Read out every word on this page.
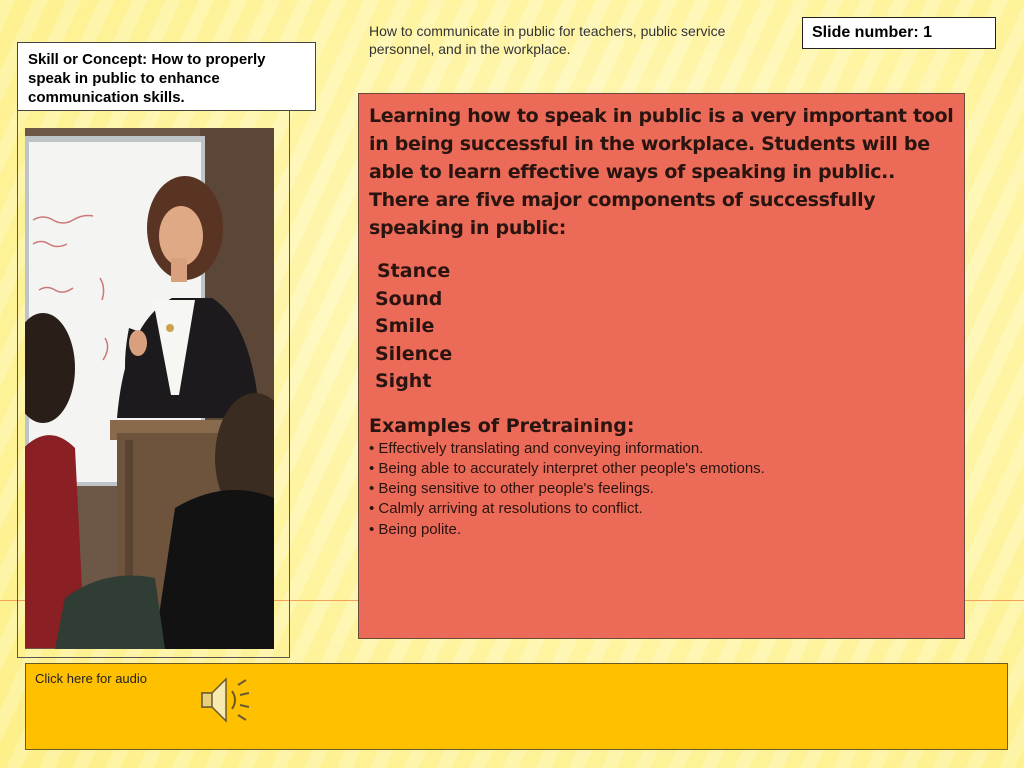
How to communicate in public for teachers, public service personnel, and in the workplace.
Slide number: 1
Skill or Concept: How to properly speak in public to enhance communication skills.

Learning how to speak in public is a very important tool in being successful in the workplace. Students will be able to learn effective ways of speaking in public.. There are five major components of successfully speaking in public:

Stance
Sound
Smile
Silence
Sight
Examples of Pretraining:
• Effectively translating and conveying information.
• Being able to accurately interpret other people's emotions.
• Being sensitive to other people's feelings.
• Calmly arriving at resolutions to conflict.
• Being polite.
Click here for audio
